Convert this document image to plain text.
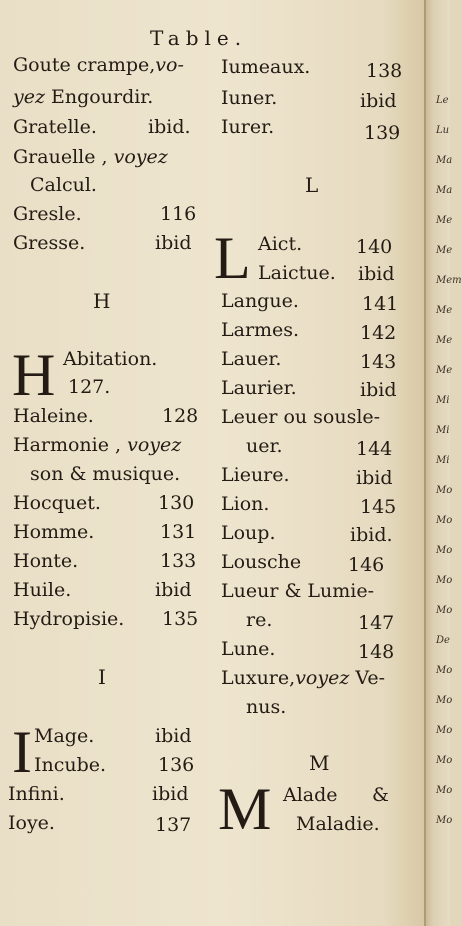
Table.
Goute crampe,vo-
yez Engourdir.
Gratelle.	ibid.
Grauelle , voyez
Calcul.
Gresle.	116
Gresse.	ibid
H
H Abitation.
127.
Haleine.	128
Harmonie , voyez
son & musique.
Hocquet.	130
Homme.	131
Honte.	133
Huile.	ibid
Hydropisie. 135
I
I Mage.	ibid
Incube.	136
Infini.	ibid
Ioye.	137
Iumeaux.	138
Iuner.	ibid
Iurer.	139
L
L Aict.	140
Laictue. ibid
Langue.	141
Larmes.	142
Lauer.	143
Laurier.	ibid
Leuer ou sousle-
uer.	144
Lieure.	ibid
Lion.	145
Loup.	ibid.
Lousche 146
Lueur & Lumie-
re.	147
Lune.	148
Luxure,voyez Ve-
nus.
M
M Alade &
Maladie.
Le
Lu
Ma
Ma
Me
Me
Mem
Me
Me
Me
Mi
Mi
Mi
Mo
Mo
Mo
Mo
Mo
De
Mo
Mo
Mo
Mo
Mo
Mo
